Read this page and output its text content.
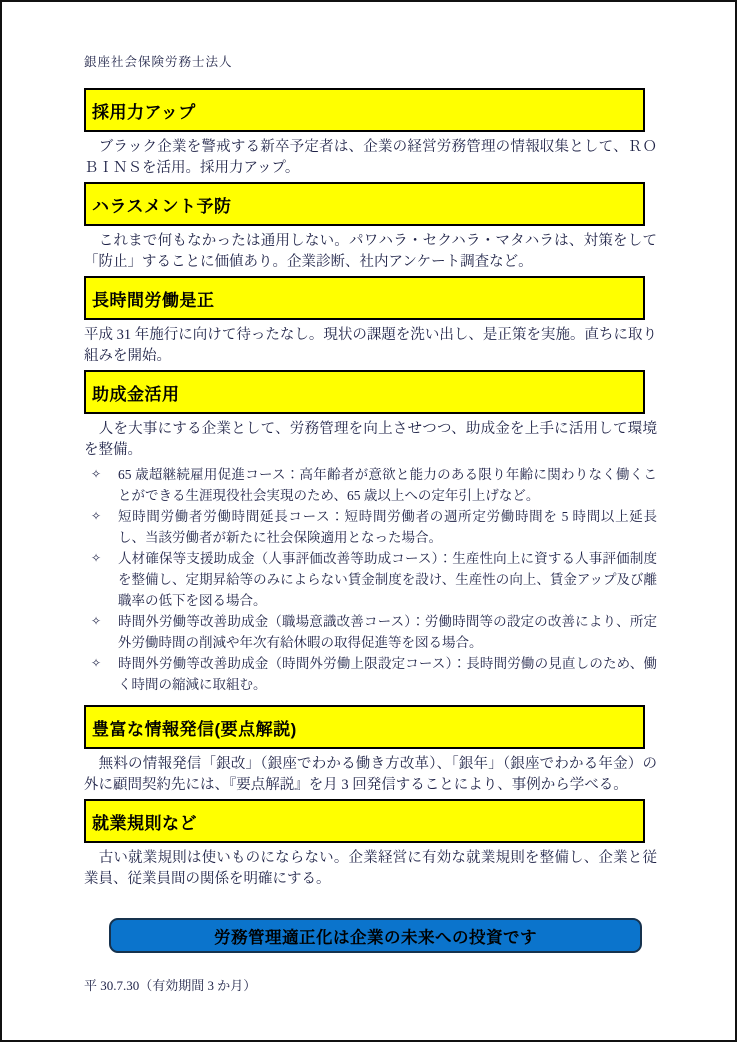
銀座社会保険労務士法人
採用力アップ
　ブラック企業を警戒する新卒予定者は、企業の経営労務管理の情報収集として、ＲＯＢＩＮＳを活用。採用力アップ。
ハラスメント予防
　これまで何もなかったは通用しない。パワハラ・セクハラ・マタハラは、対策をして「防止」することに価値あり。企業診断、社内アンケート調査など。
長時間労働是正
平成 31 年施行に向けて待ったなし。現状の課題を洗い出し、是正策を実施。直ちに取り組みを開始。
助成金活用
　人を大事にする企業として、労務管理を向上させつつ、助成金を上手に活用して環境を整備。
✧ 65 歳超継続雇用促進コース：高年齢者が意欲と能力のある限り年齢に関わりなく働くことができる生涯現役社会実現のため、65 歳以上への定年引上げなど。
✧ 短時間労働者労働時間延長コース：短時間労働者の週所定労働時間を 5 時間以上延長し、当該労働者が新たに社会保険適用となった場合。
✧ 人材確保等支援助成金（人事評価改善等助成コース）：生産性向上に資する人事評価制度を整備し、定期昇給等のみによらない賃金制度を設け、生産性の向上、賃金アップ及び離職率の低下を図る場合。
✧ 時間外労働等改善助成金（職場意識改善コース）：労働時間等の設定の改善により、所定外労働時間の削減や年次有給休暇の取得促進等を図る場合。
✧ 時間外労働等改善助成金（時間外労働上限設定コース）：長時間労働の見直しのため、働く時間の縮減に取組む。
豊富な情報発信(要点解説)
　無料の情報発信「銀改」（銀座でわかる働き方改革）、「銀年」（銀座でわかる年金）の外に顧問契約先には、『要点解説』を月 3 回発信することにより、事例から学べる。
就業規則など
　古い就業規則は使いものにならない。企業経営に有効な就業規則を整備し、企業と従業員、従業員間の関係を明確にする。
労務管理適正化は企業の未来への投資です
平 30.7.30（有効期間 3 か月）
